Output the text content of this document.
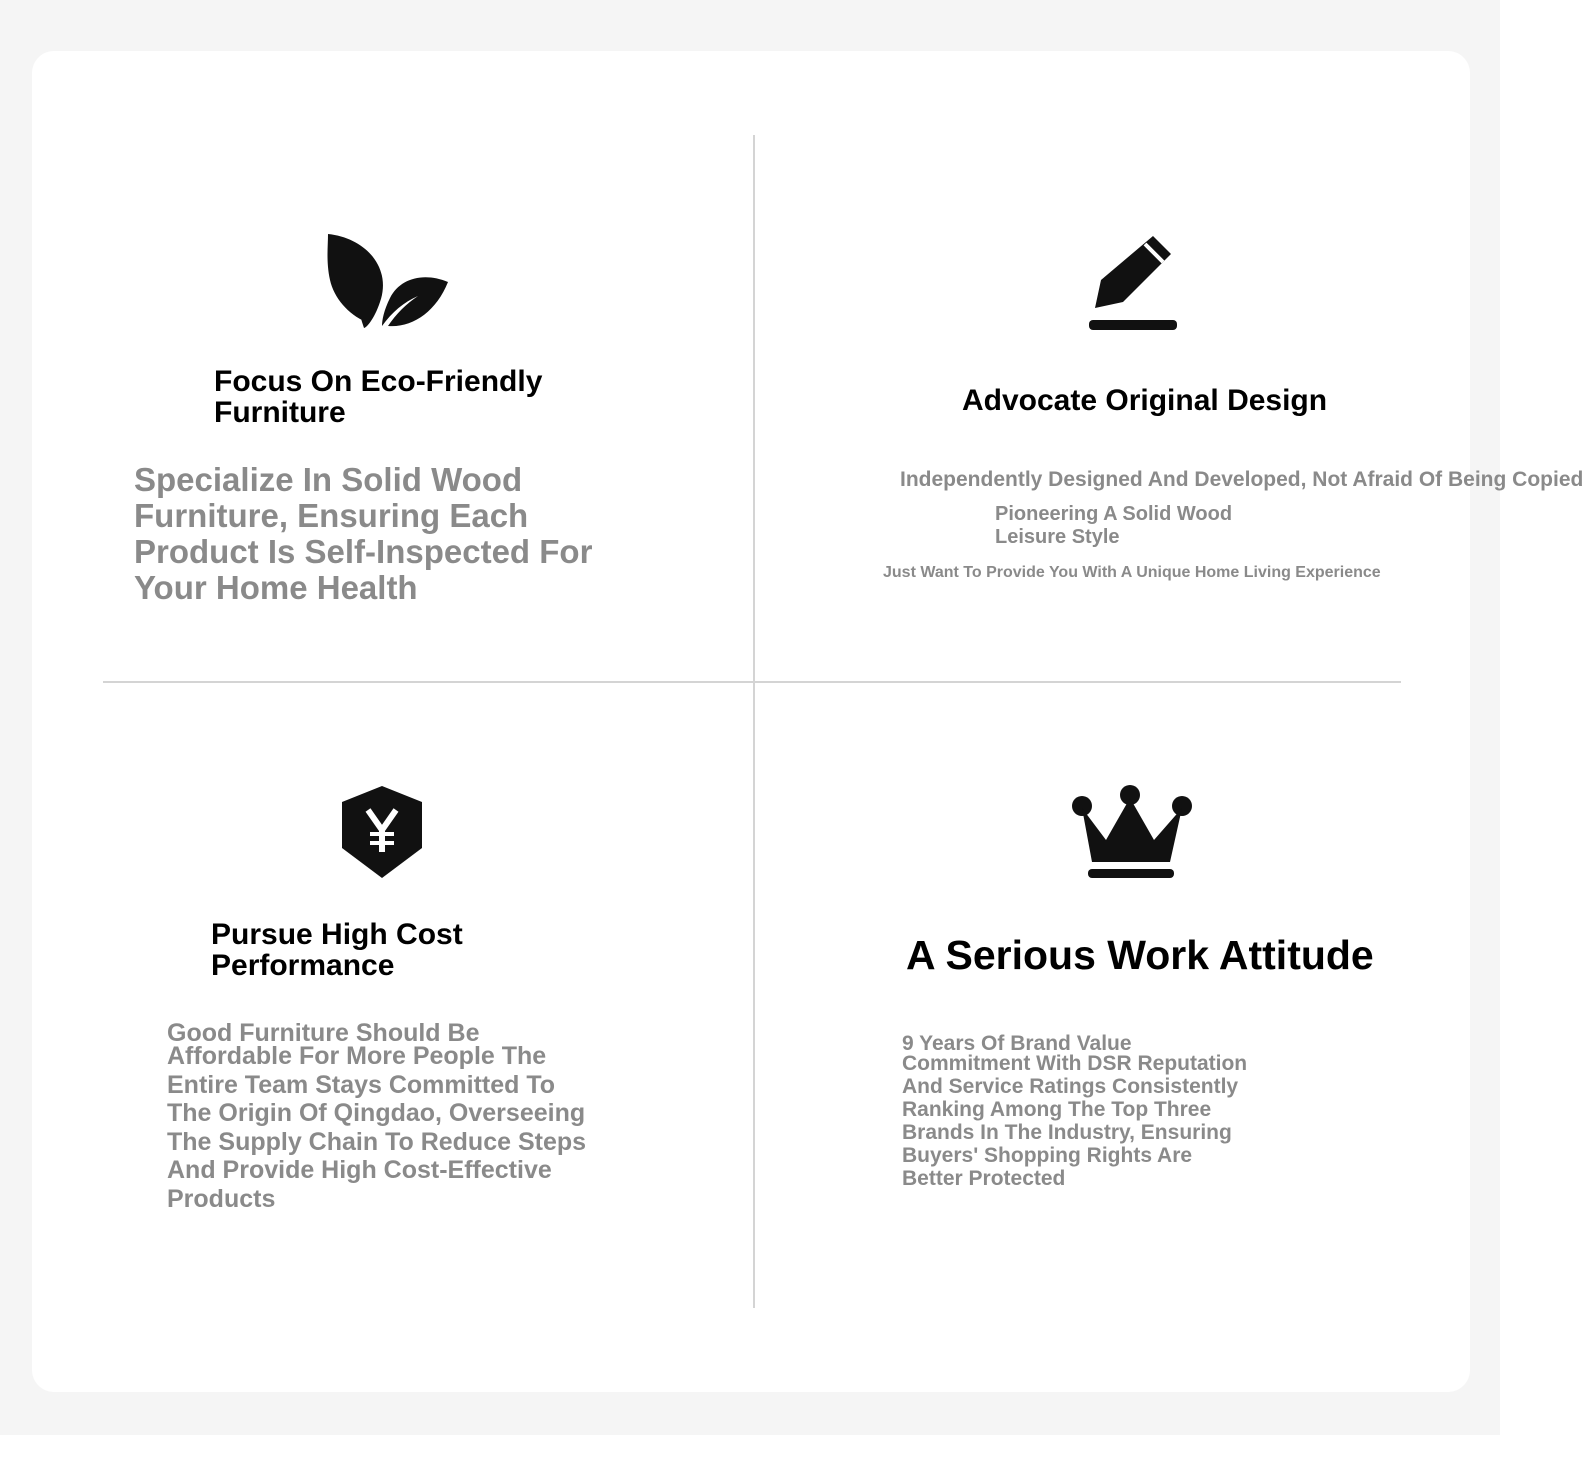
Focus On Eco-Friendly Furniture

Specialize In Solid Wood Furniture, Ensuring Each Product Is Self-Inspected For Your Home Health

Advocate Original Design

Independently Designed And Developed, Not Afraid Of Being Copied

Pioneering A Solid Wood Leisure Style

Just Want To Provide You With A Unique Home Living Experience

Pursue High Cost Performance

Good Furniture Should Be

Affordable For More People The Entire Team Stays Committed To The Origin Of Qingdao, Overseeing The Supply Chain To Reduce Steps And Provide High Cost-Effective Products

A Serious Work Attitude

9 Years Of Brand Value

Commitment With DSR Reputation And Service Ratings Consistently Ranking Among The Top Three Brands In The Industry, Ensuring Buyers' Shopping Rights Are Better Protected
